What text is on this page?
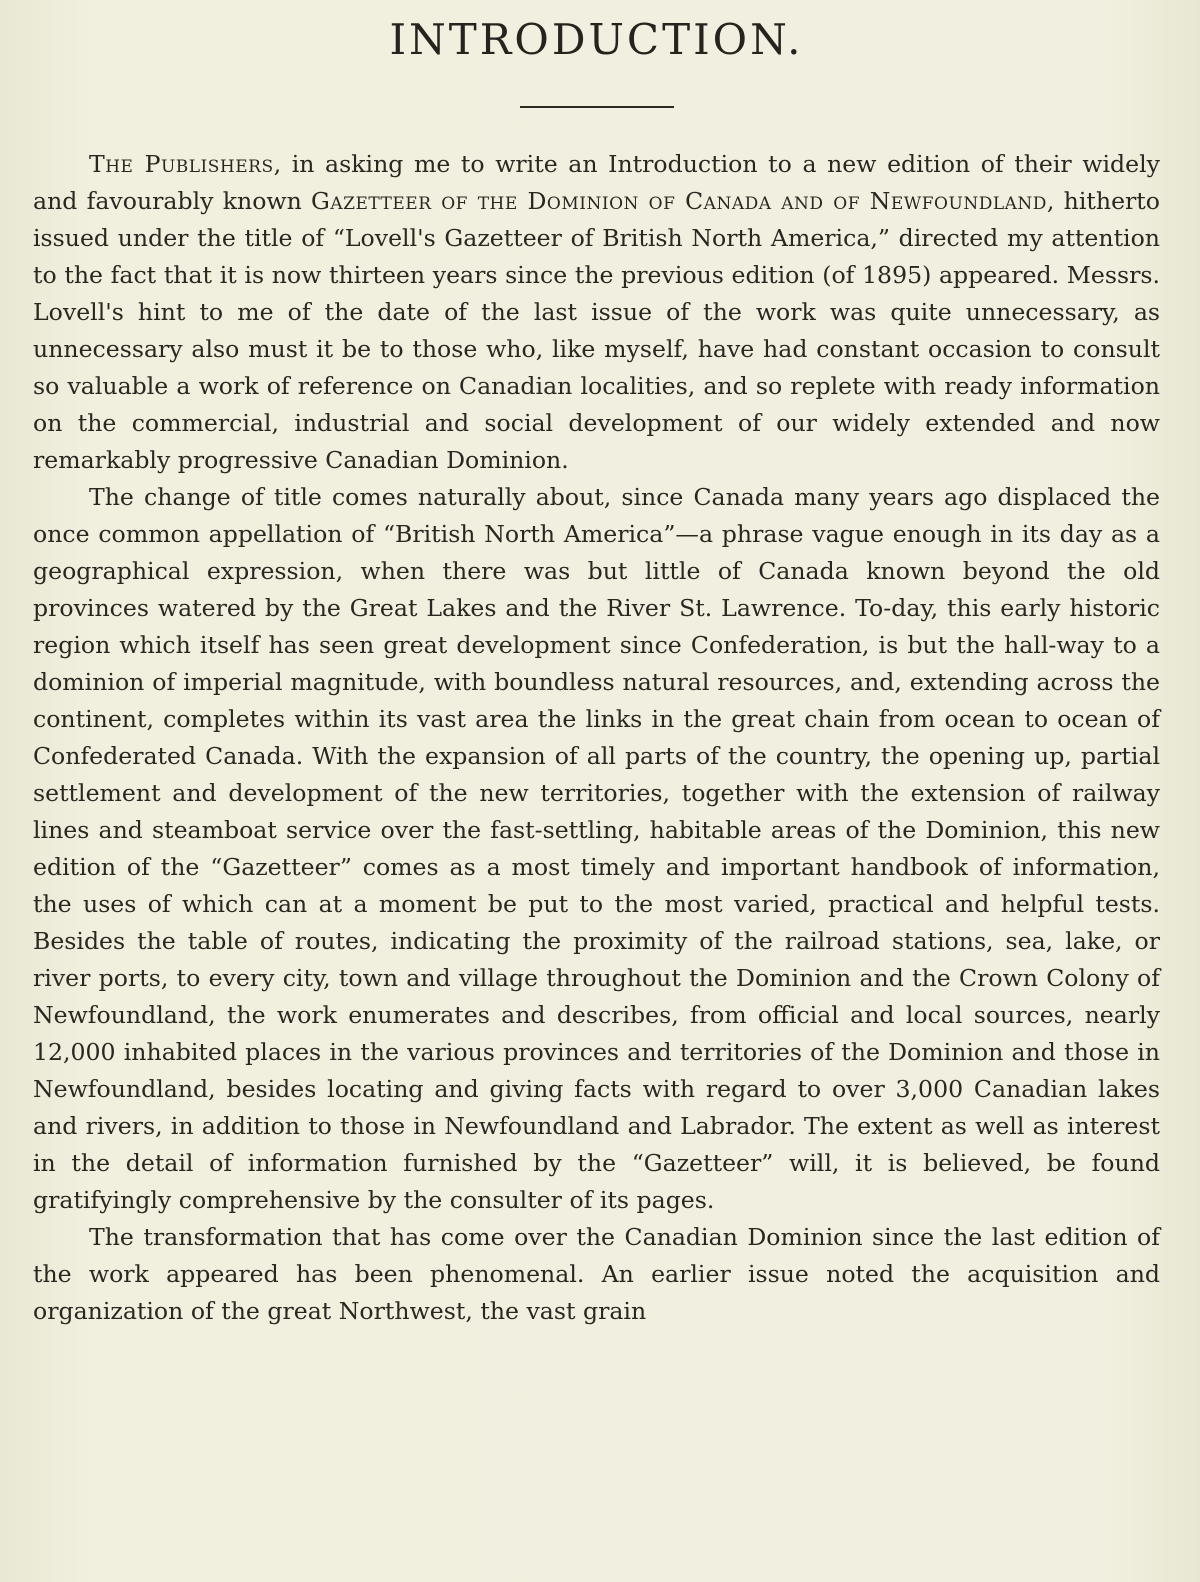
INTRODUCTION.

The Publishers, in asking me to write an Introduction to a new edition of their widely and favourably known Gazetteer of the Dominion of Canada and of Newfoundland, hitherto issued under the title of “Lovell's Gazetteer of British North America,” directed my attention to the fact that it is now thirteen years since the previous edition (of 1895) appeared. Messrs. Lovell's hint to me of the date of the last issue of the work was quite unnecessary, as unnecessary also must it be to those who, like myself, have had constant occasion to consult so valuable a work of reference on Canadian localities, and so replete with ready information on the commercial, industrial and social development of our widely extended and now remarkably progressive Canadian Dominion.

The change of title comes naturally about, since Canada many years ago displaced the once common appellation of “British North America”—a phrase vague enough in its day as a geographical expression, when there was but little of Canada known beyond the old provinces watered by the Great Lakes and the River St. Lawrence. To-day, this early historic region which itself has seen great development since Confederation, is but the hall-way to a dominion of imperial magnitude, with boundless natural resources, and, extending across the continent, completes within its vast area the links in the great chain from ocean to ocean of Confederated Canada. With the expansion of all parts of the country, the opening up, partial settlement and development of the new territories, together with the extension of railway lines and steamboat service over the fast-settling, habitable areas of the Dominion, this new edition of the “Gazetteer” comes as a most timely and important handbook of information, the uses of which can at a moment be put to the most varied, practical and helpful tests. Besides the table of routes, indicating the proximity of the railroad stations, sea, lake, or river ports, to every city, town and village throughout the Dominion and the Crown Colony of Newfoundland, the work enumerates and describes, from official and local sources, nearly 12,000 inhabited places in the various provinces and territories of the Dominion and those in Newfoundland, besides locating and giving facts with regard to over 3,000 Canadian lakes and rivers, in addition to those in Newfoundland and Labrador. The extent as well as interest in the detail of information furnished by the “Gazetteer” will, it is believed, be found gratifyingly comprehensive by the consulter of its pages.

The transformation that has come over the Canadian Dominion since the last edition of the work appeared has been phenomenal. An earlier issue noted the acquisition and organization of the great Northwest, the vast grain
